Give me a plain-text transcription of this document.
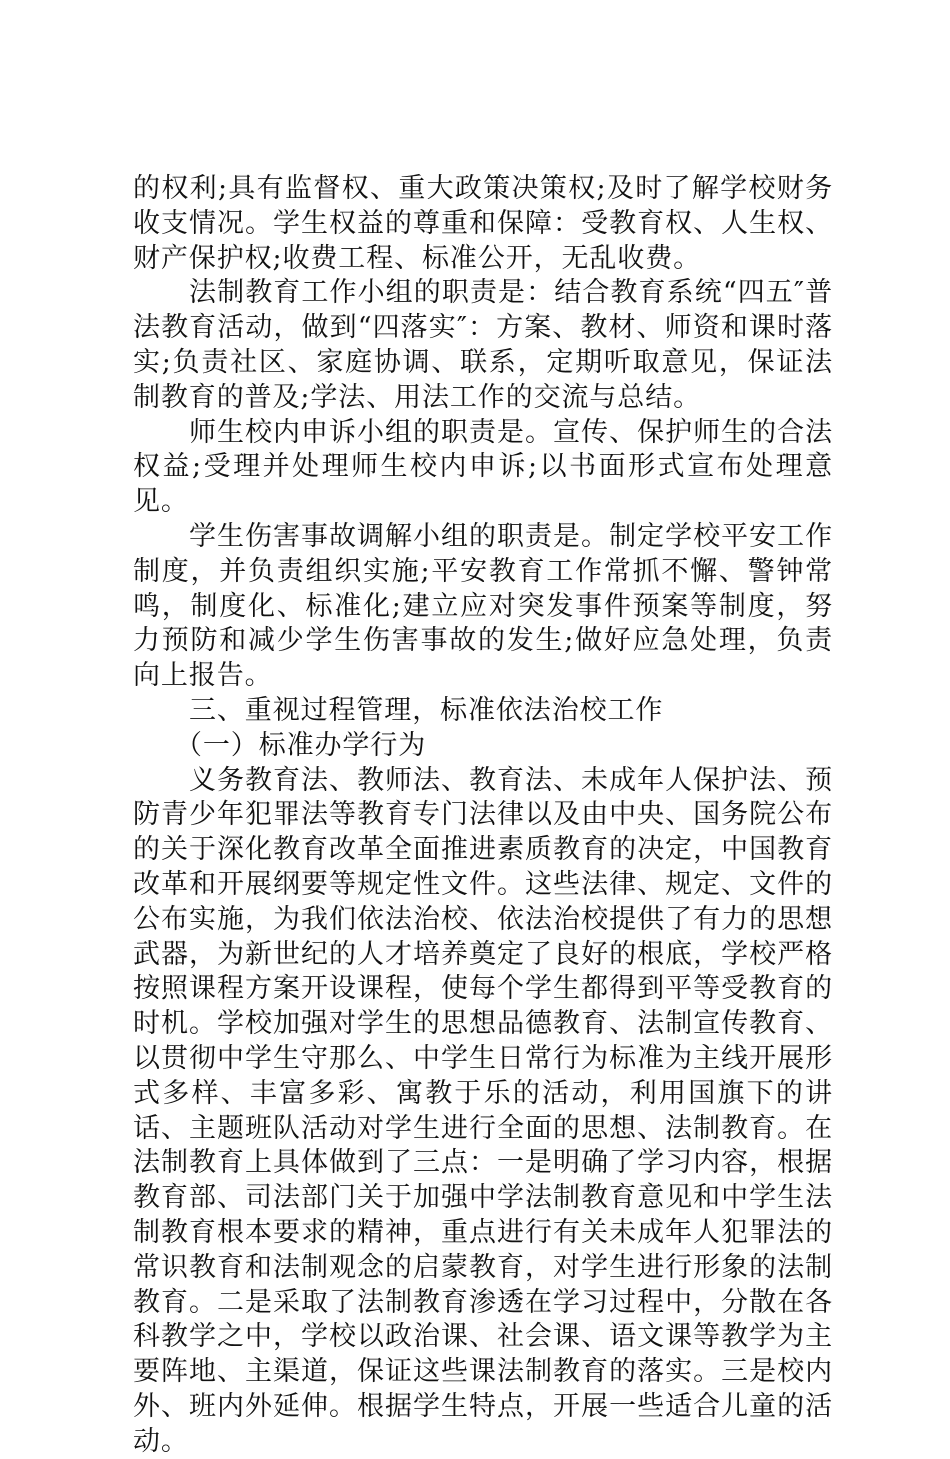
的权利;具有监督权、重大政策决策权;及时了解学校财务收支情况。学生权益的尊重和保障：受教育权、人生权、财产保护权;收费工程、标准公开，无乱收费。

法制教育工作小组的职责是：结合教育系统“四五″普法教育活动，做到“四落实″：方案、教材、师资和课时落实;负责社区、家庭协调、联系，定期听取意见，保证法制教育的普及;学法、用法工作的交流与总结。

师生校内申诉小组的职责是。宣传、保护师生的合法权益;受理并处理师生校内申诉;以书面形式宣布处理意见。

学生伤害事故调解小组的职责是。制定学校平安工作制度，并负责组织实施;平安教育工作常抓不懈、警钟常鸣，制度化、标准化;建立应对突发事件预案等制度，努力预防和减少学生伤害事故的发生;做好应急处理，负责向上报告。

三、重视过程管理，标准依法治校工作

（一）标准办学行为

义务教育法、教师法、教育法、未成年人保护法、预防青少年犯罪法等教育专门法律以及由中央、国务院公布的关于深化教育改革全面推进素质教育的决定，中国教育改革和开展纲要等规定性文件。这些法律、规定、文件的公布实施，为我们依法治校、依法治校提供了有力的思想武器，为新世纪的人才培养奠定了良好的根底，学校严格按照课程方案开设课程，使每个学生都得到平等受教育的时机。学校加强对学生的思想品德教育、法制宣传教育、以贯彻中学生守那么、中学生日常行为标准为主线开展形式多样、丰富多彩、寓教于乐的活动，利用国旗下的讲话、主题班队活动对学生进行全面的思想、法制教育。在法制教育上具体做到了三点：一是明确了学习内容，根据教育部、司法部门关于加强中学法制教育意见和中学生法制教育根本要求的精神，重点进行有关未成年人犯罪法的常识教育和法制观念的启蒙教育，对学生进行形象的法制教育。二是采取了法制教育渗透在学习过程中，分散在各科教学之中，学校以政治课、社会课、语文课等教学为主要阵地、主渠道，保证这些课法制教育的落实。三是校内外、班内外延伸。根据学生特点，开展一些适合儿童的活动。
